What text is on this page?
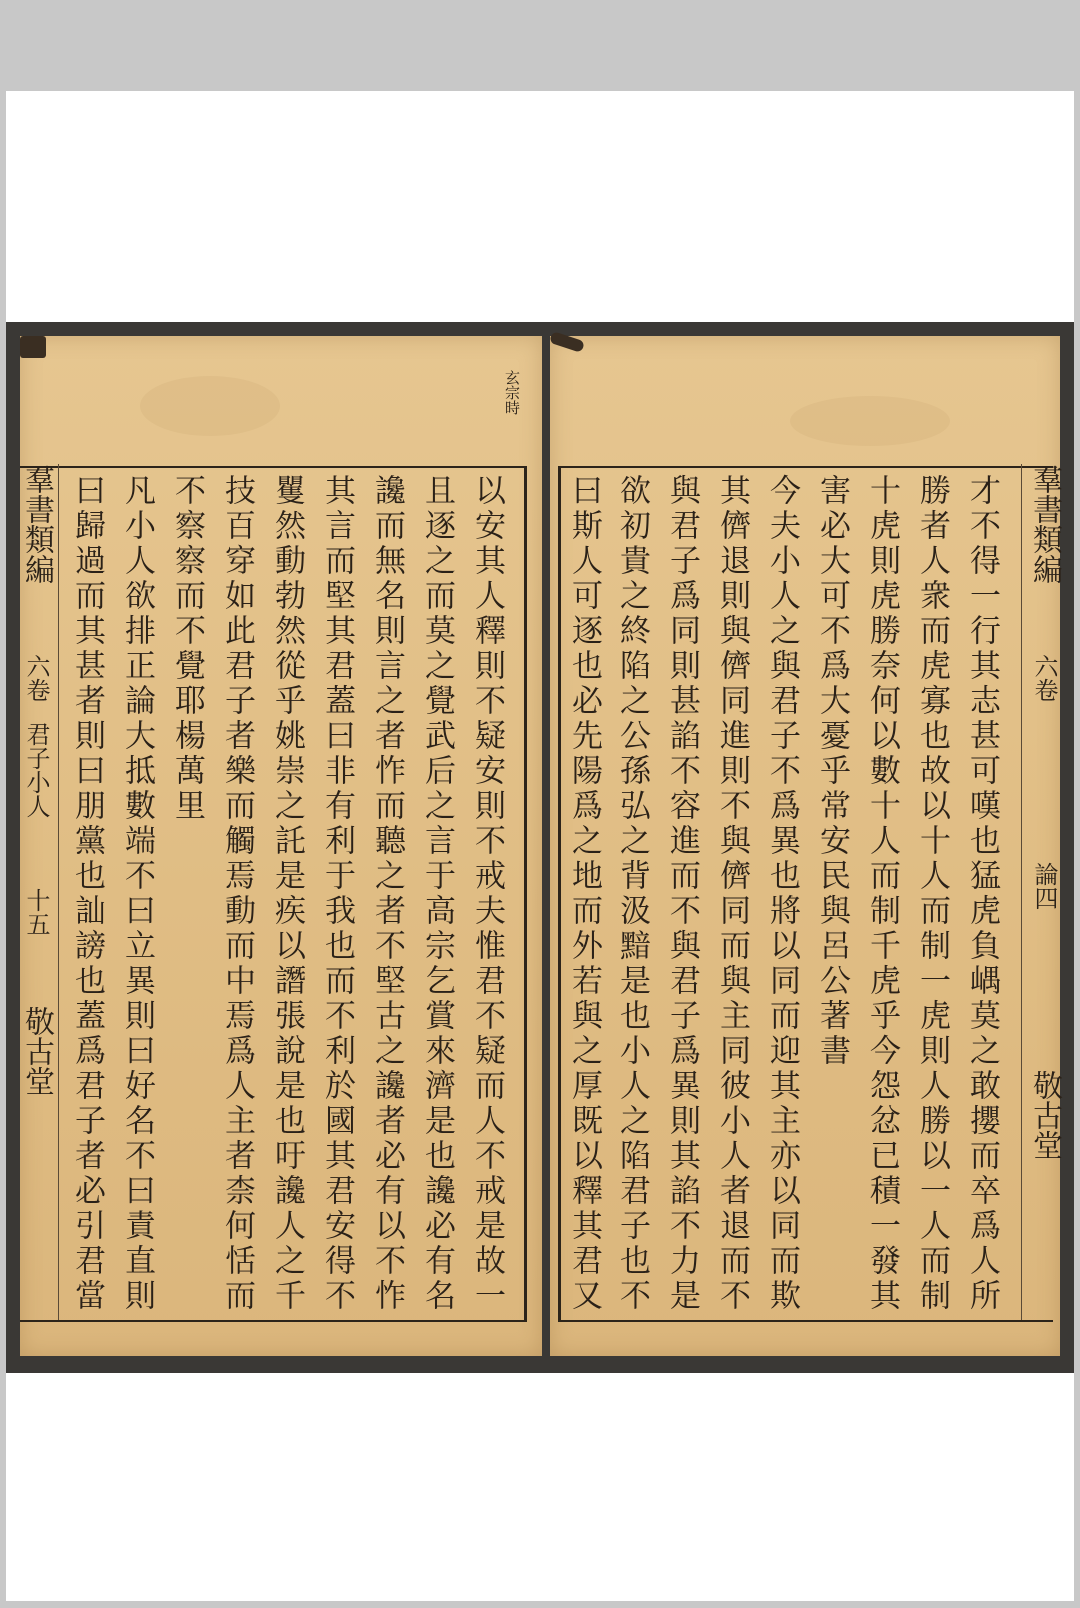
玄宗時
以安其人釋則不疑安則不戒夫惟君不疑而人不戒是故一
且逐之而莫之覺武后之言于高宗乞賞來濟是也讒必有名
讒而無名則言之者怍而聽之者不堅古之讒者必有以不怍
其言而堅其君蓋曰非有利于我也而不利於國其君安得不
矍然動勃然從乎姚崇之託是疾以譖張說是也吁讒人之千
技百穿如此君子者樂而觸焉動而中焉爲人主者柰何恬而
不察察而不覺耶楊萬里
凡小人欲排正論大抵數端不曰立異則曰好名不曰責直則
曰歸過而其甚者則曰朋黨也訕謗也蓋爲君子者必引君當
羣書類編六卷君子小人十五敬古堂	才不得一行其志甚可嘆也猛虎負嵎莫之敢攖而卒爲人所
勝者人衆而虎寡也故以十人而制一虎則人勝以一人而制
十虎則虎勝奈何以數十人而制千虎乎今怨忿已積一發其
害必大可不爲大憂乎常安民與呂公著書
今夫小人之與君子不爲異也將以同而迎其主亦以同而欺
其儕退則與儕同進則不與儕同而與主同彼小人者退而不
與君子爲同則甚諂不容進而不與君子爲異則其諂不力是
欲初貴之終陷之公孫弘之背汲黯是也小人之陷君子也不
曰斯人可逐也必先陽爲之地而外若與之厚既以釋其君又	羣書類編六卷論四敬古堂
